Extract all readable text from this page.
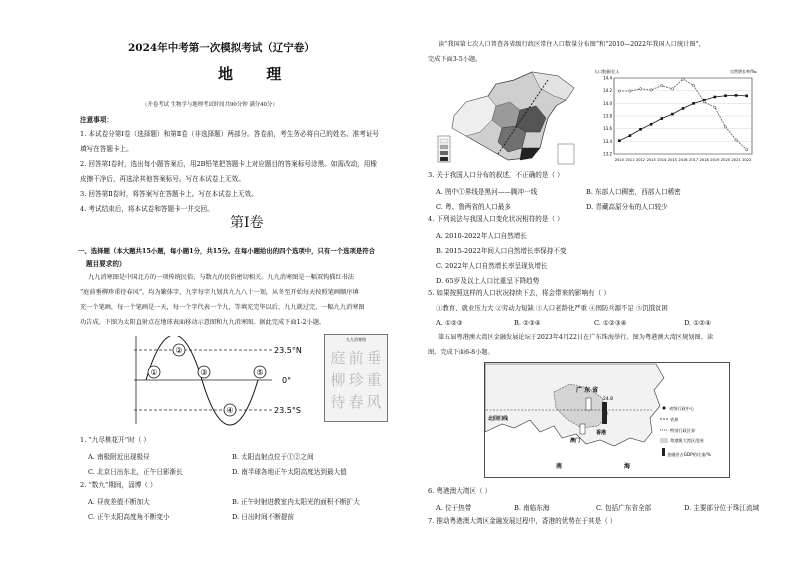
2024年中考第一次模拟考试（辽宁卷）
地 理
（开卷考试 生物学与地理考试时间共90分钟 满分40分）
注意事项：
1. 本试卷分第Ⅰ卷（选择题）和第Ⅱ卷（非选择题）两部分。答卷前，考生务必将自己的姓名、准考证号
填写在答题卡上。
2. 回答第Ⅰ卷时，选出每小题答案后，用2B铅笔把答题卡上对应题目的答案标号涂黑。如需改动，用橡
皮擦干净后，再选涂其他答案标号。写在本试卷上无效。
3. 回答第Ⅱ卷时，将答案写在答题卡上。写在本试卷上无效。
4. 考试结束后，将本试卷和答题卡一并交回。
第Ⅰ卷
一、选择题（本大题共15小题，每小题1分，共15分。在每小题给出的四个选项中，只有一个选项是符合
题目要求的）
九九消寒图是中国北方的一项传统民俗，与数九的民俗密切相关。九九消寒图是一幅双钩描红书法
“庭前垂柳珍重待春风”，均为繁体字，九字每字九划共九九八十一划，从冬至开始每天按照笔画顺序填
充一个笔画，每一个笔画是一天，每一个字代表一个九，等填充完毕以后，九九就过完，一幅九九消寒图
功告成。下图为太阳直射点在地球表面移动示意图和九九消寒图。据此完成下面1-2小题。
①
②
③
④
⑤
23.5°N
0°
23.5°S
九九消寒图
庭 前 垂
柳 珍 重
待 春 风
1. “九尽桃花开”时（ ）
A. 南极附近出现极昼	B. 太阳直射点位于①②之间
C. 北京日出东北，正午日影渐长	D. 南半球各地正午太阳高度达到最大值
2. “数九”期间，淄博（ ）
A. 昼夜差值不断加大	B. 正午时射进教室内太阳光的面积不断扩大
C. 正午太阳高度角不断变小	D. 日出时间不断提前
读“我国第七次人口普查各省级行政区常住人口数量分布图”和“2010—2022年我国人口统计图”，
完成下面3-5小题。
人口数量/亿人	自然增长率/‰
14.4
14.2
14.0
13.8
13.6
13.4
13.2
2010 2011 2012 2013 2014 2015 2016 2017 2018 2019 2020 2021 2022
3. 关于我国人口分布的叙述，不正确的是（ ）
A. 图中①界线是黑河——腾冲一线	B. 东部人口稠密，西部人口稀密
C. 粤、鲁两省的人口最多	D. 青藏高原分布的人口较少
4. 下列说法与我国人口变化状况相符的是（ ）
A. 2010-2022年人口自然增长
B. 2015-2022年间人口自然增长率保持不变
C. 2022年人口自然增长率呈现负增长
D. 65岁及以上人口比重呈下降趋势
5. 如果按照这样的人口状况持续下去，将会带来的影响有（ ）
①教育、就业压力大 ②劳动力短缺 ③人口老龄化严重 ④国防兵源不足 ⑤饥饿贫困
A. ①②③	B. ②③④	C. ①②③④	D. ①②④
第五届粤港澳大湾区金融发展论坛于2023年4月22日在广东珠海举行。图为粤港澳大湾区规划图。读
图，完成下面6-8小题。
北回归线
广 东 省
24.8
香港
澳门
南	海
省级行政中心
省界
特别行政区界
粤港澳大湾区范围
金融业占GDP的比重/%
6. 粤港澳大湾区（ ）
A. 位于热带	B. 南临东海	C. 包括广东省全部	D. 主要部分位于珠江流域
7. 推动粤港澳大湾区金融发展过程中，香港的优势在于其是（ ）
